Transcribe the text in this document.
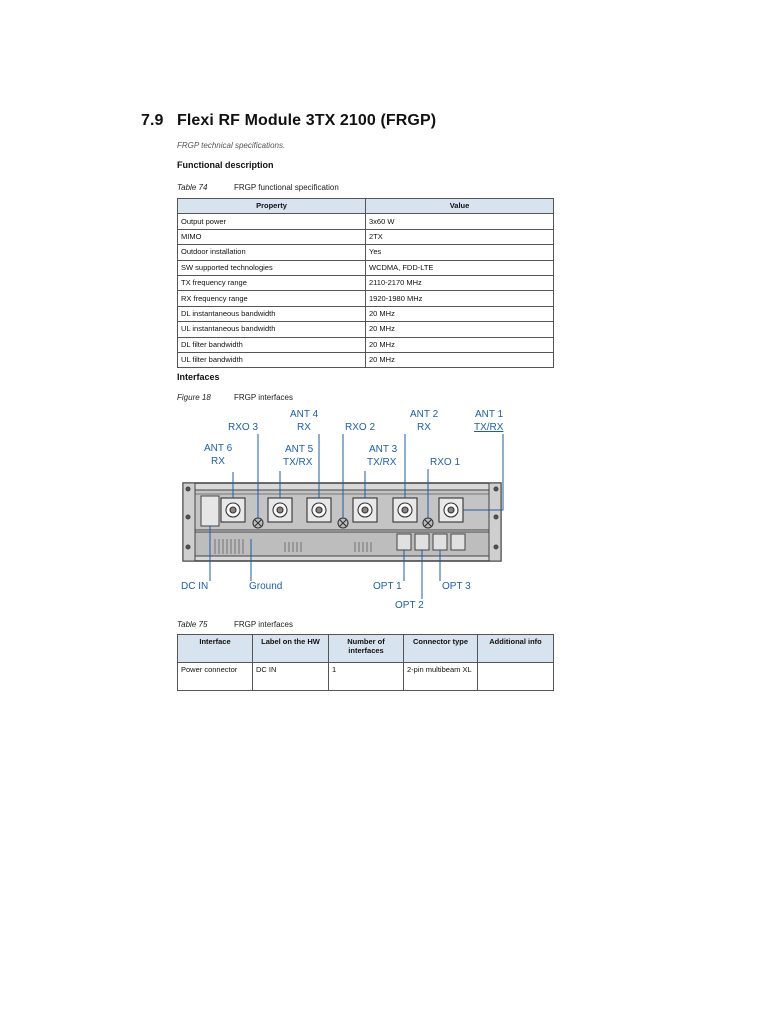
7.9 Flexi RF Module 3TX 2100 (FRGP)
FRGP technical specifications.
Functional description
Table 74	FRGP functional specification
Property	Value
Output power	3x60 W
MIMO	2TX
Outdoor installation	Yes
SW supported technologies	WCDMA, FDD-LTE
TX frequency range	2110-2170 MHz
RX frequency range	1920-1980 MHz
DL instantaneous bandwidth	20 MHz
UL instantaneous bandwidth	20 MHz
DL filter bandwidth	20 MHz
UL filter bandwidth	20 MHz
Interfaces
Figure 18	FRGP interfaces
ANT 4
RX
ANT 2
RX
ANT 1
TX/RX
RXO 3	RXO 2
RXO 1
ANT 6
RX
ANT 5
TX/RX
ANT 3
TX/RX
DC IN	Ground	OPT 1
OPT 2
OPT 3
Table 75	FRGP interfaces
Interface	Label on the HW	Number of interfaces	Connector type	Additional info
Power connector	DC IN	1	2-pin multibeam XL	
